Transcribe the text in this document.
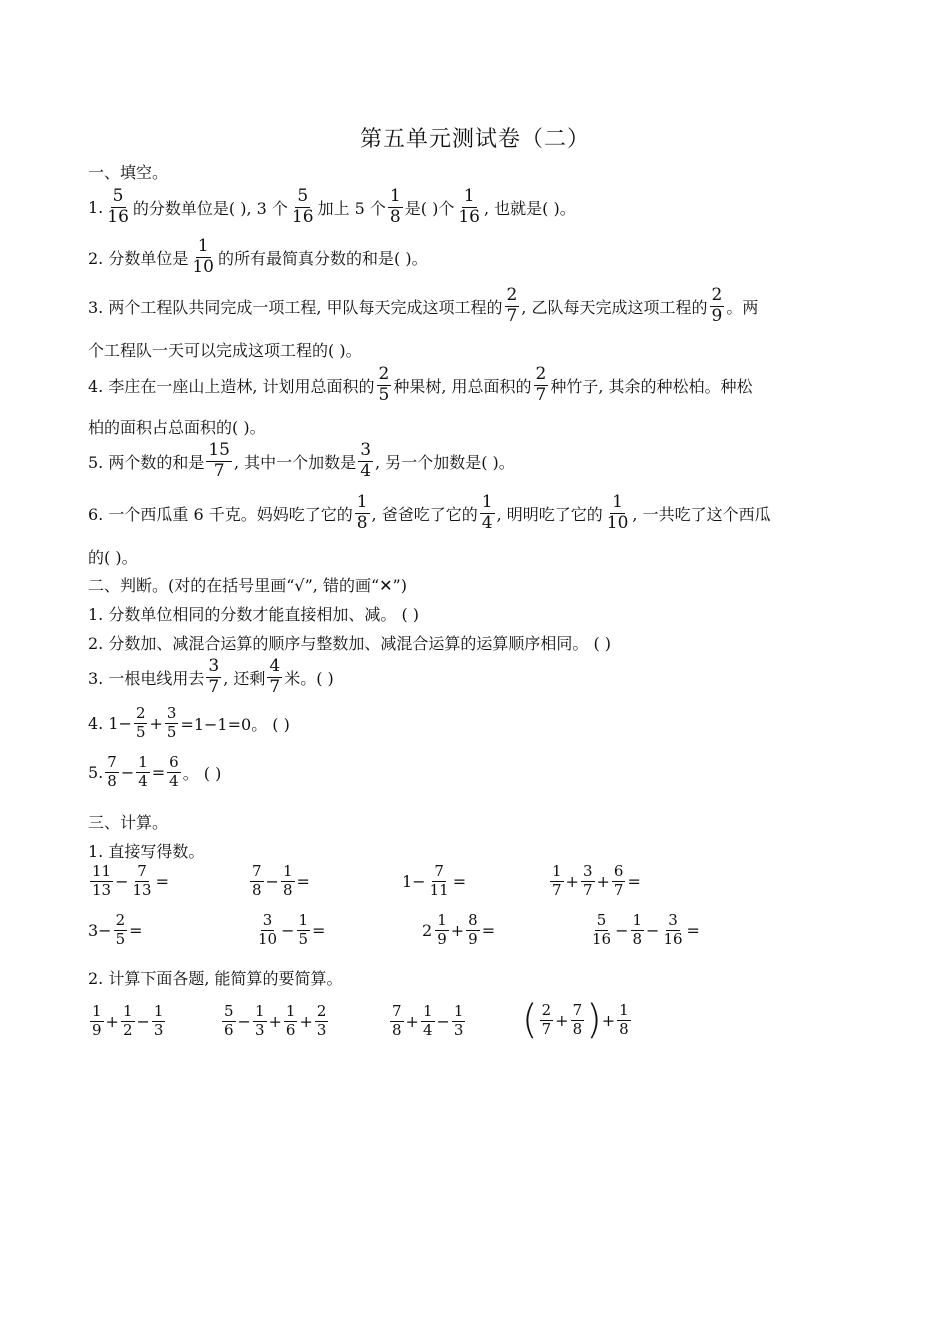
第五单元测试卷（二）
一、填空。
1. $\frac{5}{16}$ 的分数单位是( ), 3 个 $\frac{5}{16}$ 加上 5 个 $\frac{1}{8}$ 是( )个 $\frac{1}{16}$ , 也就是( )。
2. 分数单位是 $\frac{1}{10}$ 的所有最简真分数的和是( )。
3. 两个工程队共同完成一项工程, 甲队每天完成这项工程的 $\frac{2}{7}$ , 乙队每天完成这项工程的 $\frac{2}{9}$ 。两
个工程队一天可以完成这项工程的( )。
4. 李庄在一座山上造林, 计划用总面积的 $\frac{2}{5}$ 种果树, 用总面积的 $\frac{2}{7}$ 种竹子, 其余的种松柏。种松
柏的面积占总面积的( )。
5. 两个数的和是 $\frac{15}{7}$ , 其中一个加数是 $\frac{3}{4}$ , 另一个加数是( )。
6. 一个西瓜重 6 千克。妈妈吃了它的 $\frac{1}{8}$ , 爸爸吃了它的 $\frac{1}{4}$ , 明明吃了它的 $\frac{1}{10}$ , 一共吃了这个西瓜
的( )。
二、判断。(对的在括号里画“√”, 错的画“✕”)
1. 分数单位相同的分数才能直接相加、减。 ( )
2. 分数加、减混合运算的顺序与整数加、减混合运算的运算顺序相同。 ( )
3. 一根电线用去 $\frac{3}{7}$ , 还剩 $\frac{4}{7}$ 米。( )
4. $1- \frac{2}{5} + \frac{3}{5} =1-1=0$。 ( )
5. $\frac{7}{8} - \frac{1}{4} = \frac{6}{4}$ 。 ( )
三、计算。
1. 直接写得数。
$\frac{11}{13} - \frac{7}{13}$ =	$\frac{7}{8} - \frac{1}{8}$ =	$1- \frac{7}{11}$ =	$\frac{1}{7} + \frac{3}{7} + \frac{6}{7}$ =
$3- \frac{2}{5}$ =	$\frac{3}{10} - \frac{1}{5}$ =	$2 \frac{1}{9} + \frac{8}{9}$ =	$\frac{5}{16} - \frac{1}{8} - \frac{3}{16}$ =
2. 计算下面各题, 能简算的要简算。
$\frac{1}{9} + \frac{1}{2} - \frac{1}{3}$	$\frac{5}{6} - \frac{1}{3} + \frac{1}{6} + \frac{2}{3}$	$\frac{7}{8} + \frac{1}{4} - \frac{1}{3}$ ( $\frac{2}{7} + \frac{7}{8}$ ) + $\frac{1}{8}$
